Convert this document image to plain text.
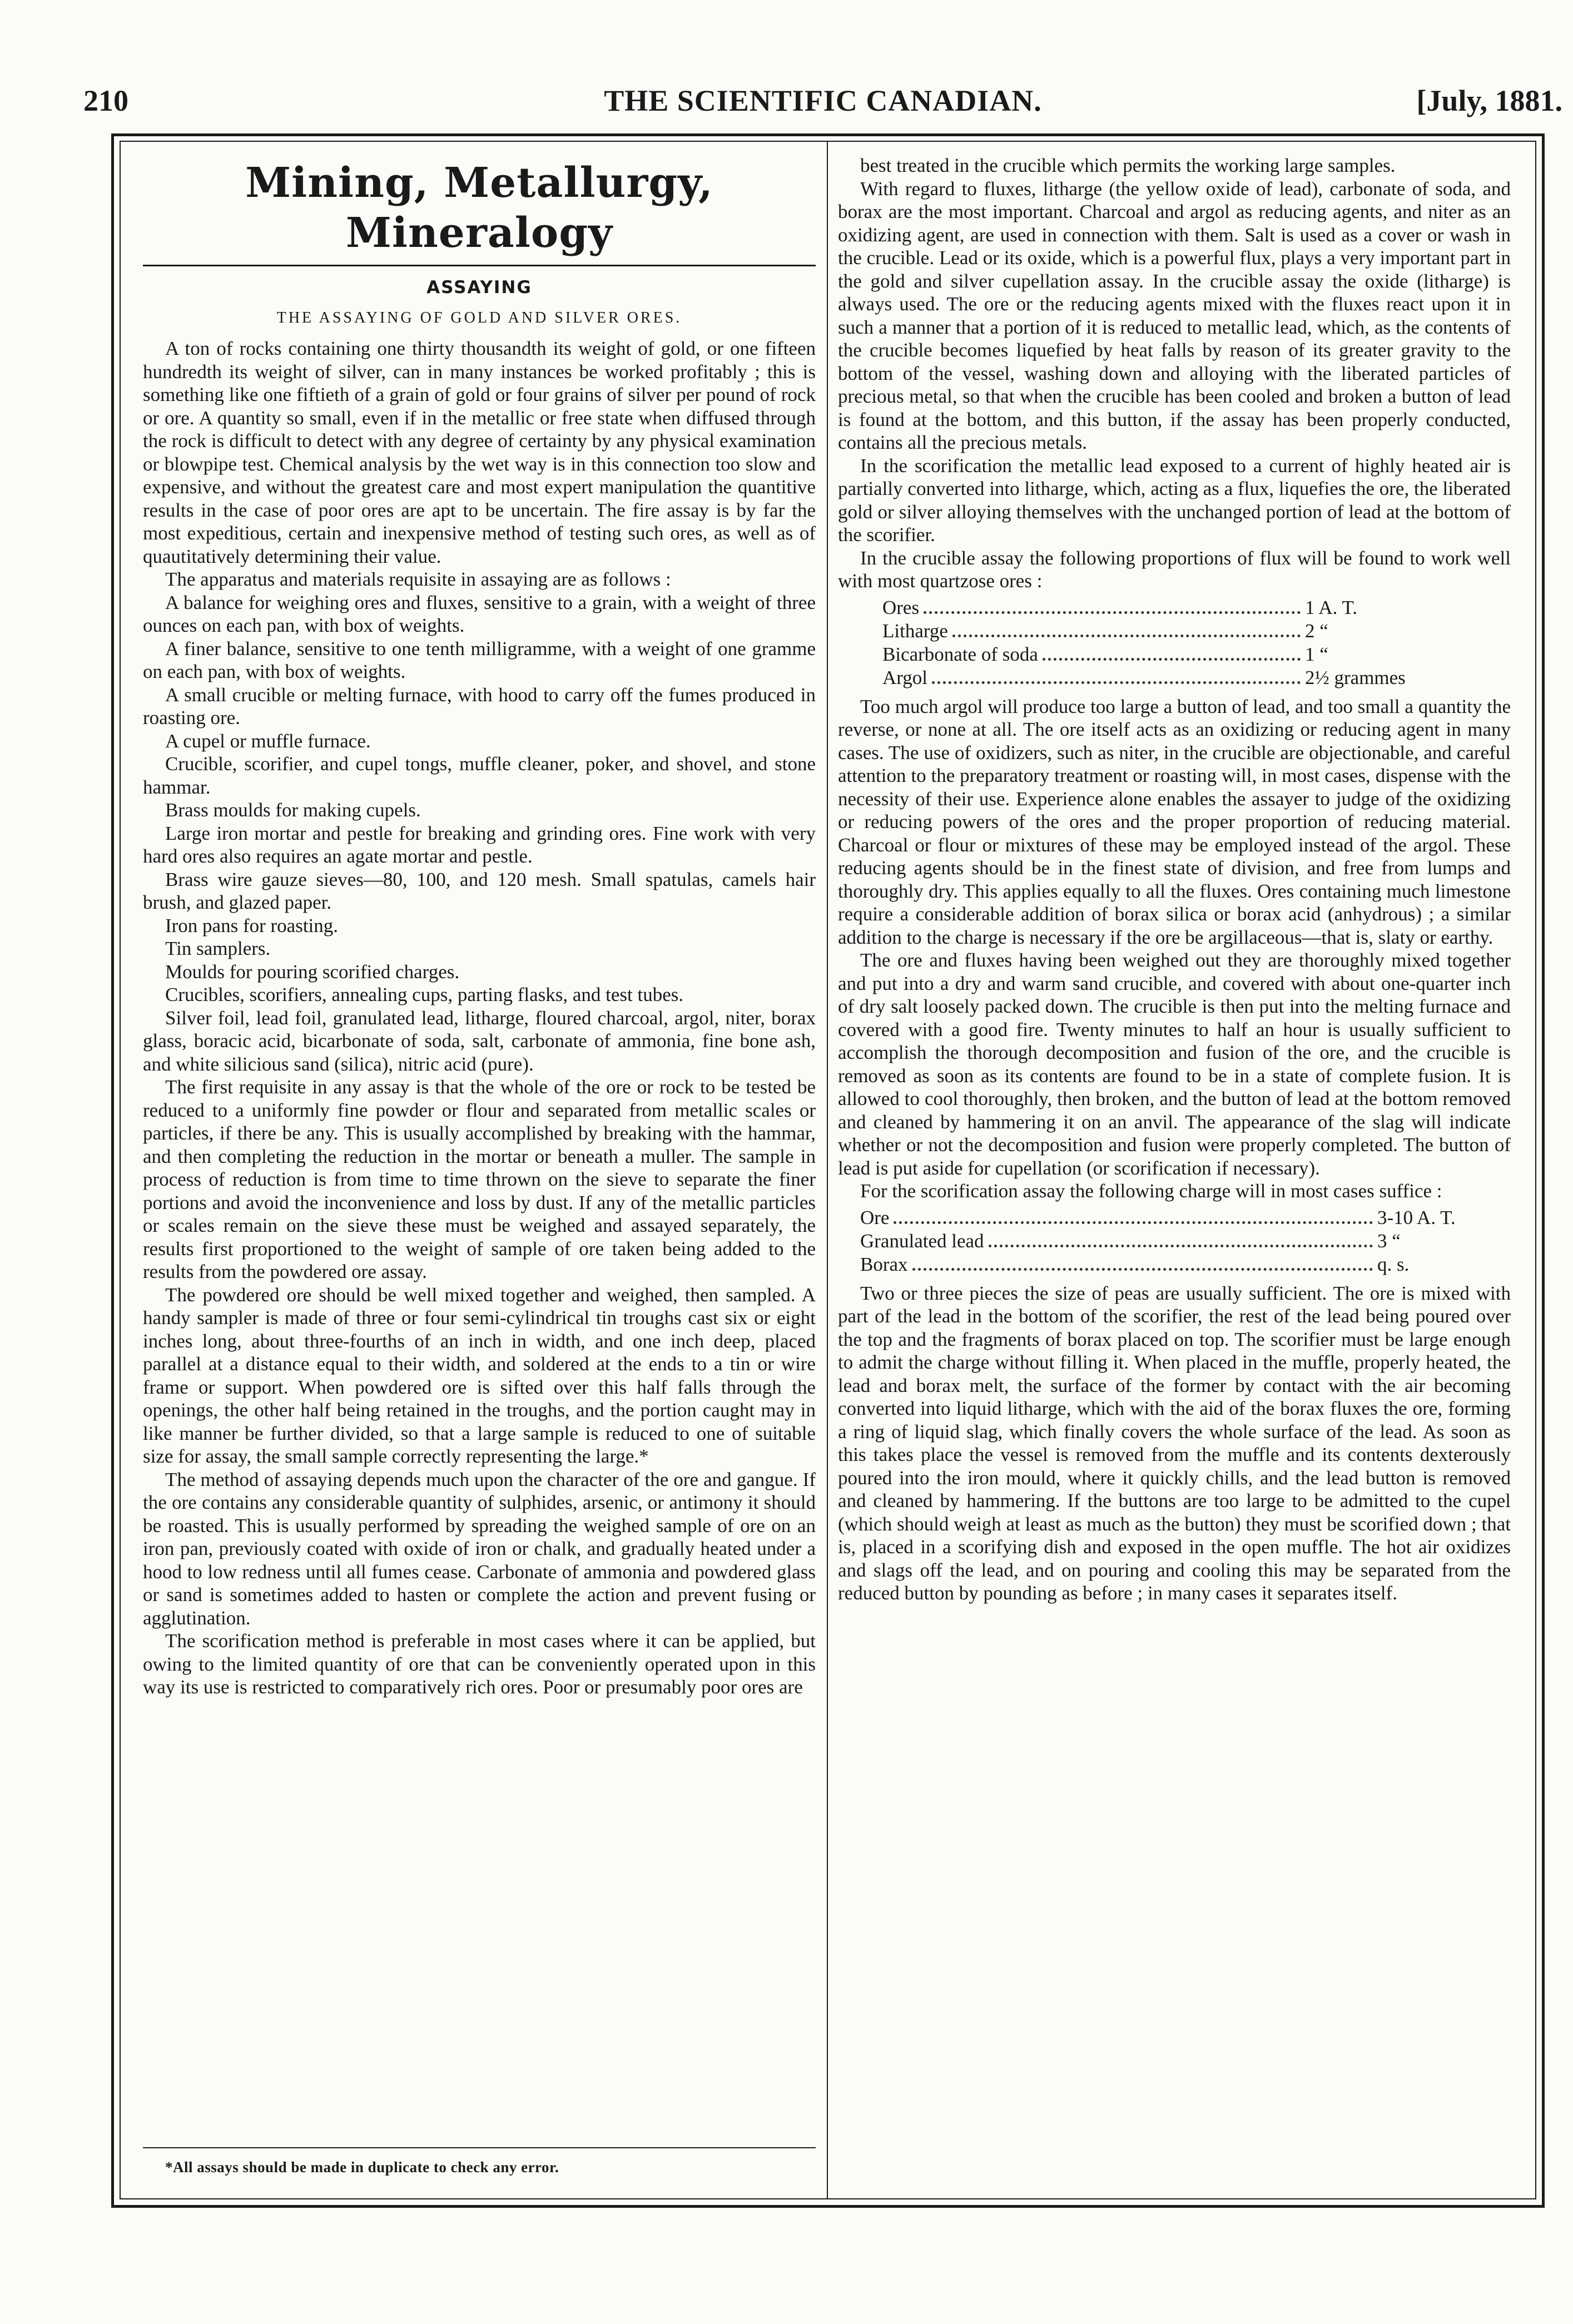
210	THE SCIENTIFIC CANADIAN.	[July, 1881.
Mining, Metallurgy, Mineralogy
ASSAYING
THE ASSAYING OF GOLD AND SILVER ORES.

A ton of rocks containing one thirty thousandth its weight of gold, or one fifteen hundredth its weight of silver, can in many instances be worked profitably ; this is something like one fiftieth of a grain of gold or four grains of silver per pound of rock or ore. A quantity so small, even if in the metallic or free state when diffused through the rock is difficult to detect with any degree of certainty by any physical examination or blowpipe test. Chemical analysis by the wet way is in this connection too slow and expensive, and without the greatest care and most expert manipulation the quantitive results in the case of poor ores are apt to be uncertain. The fire assay is by far the most expeditious, certain and inexpensive method of testing such ores, as well as of quautitatively determining their value.

The apparatus and materials requisite in assaying are as follows :

A balance for weighing ores and fluxes, sensitive to a grain, with a weight of three ounces on each pan, with box of weights.

A finer balance, sensitive to one tenth milligramme, with a weight of one gramme on each pan, with box of weights.

A small crucible or melting furnace, with hood to carry off the fumes produced in roasting ore.

A cupel or muffle furnace.

Crucible, scorifier, and cupel tongs, muffle cleaner, poker, and shovel, and stone hammar.

Brass moulds for making cupels.

Large iron mortar and pestle for breaking and grinding ores. Fine work with very hard ores also requires an agate mortar and pestle.

Brass wire gauze sieves—80, 100, and 120 mesh. Small spatulas, camels hair brush, and glazed paper.

Iron pans for roasting.

Tin samplers.

Moulds for pouring scorified charges.

Crucibles, scorifiers, annealing cups, parting flasks, and test tubes.

Silver foil, lead foil, granulated lead, litharge, floured charcoal, argol, niter, borax glass, boracic acid, bicarbonate of soda, salt, carbonate of ammonia, fine bone ash, and white silicious sand (silica), nitric acid (pure).

The first requisite in any assay is that the whole of the ore or rock to be tested be reduced to a uniformly fine powder or flour and separated from metallic scales or particles, if there be any. This is usually accomplished by breaking with the hammar, and then completing the reduction in the mortar or beneath a muller. The sample in process of reduction is from time to time thrown on the sieve to separate the finer portions and avoid the inconvenience and loss by dust. If any of the metallic particles or scales remain on the sieve these must be weighed and assayed separately, the results first proportioned to the weight of sample of ore taken being added to the results from the powdered ore assay.

The powdered ore should be well mixed together and weighed, then sampled. A handy sampler is made of three or four semi-cylindrical tin troughs cast six or eight inches long, about three-fourths of an inch in width, and one inch deep, placed parallel at a distance equal to their width, and soldered at the ends to a tin or wire frame or support. When powdered ore is sifted over this half falls through the openings, the other half being retained in the troughs, and the portion caught may in like manner be further divided, so that a large sample is reduced to one of suitable size for assay, the small sample correctly representing the large.*

The method of assaying depends much upon the character of the ore and gangue. If the ore contains any considerable quantity of sulphides, arsenic, or antimony it should be roasted. This is usually performed by spreading the weighed sample of ore on an iron pan, previously coated with oxide of iron or chalk, and gradually heated under a hood to low redness until all fumes cease. Carbonate of ammonia and powdered glass or sand is sometimes added to hasten or complete the action and prevent fusing or agglutination.

The scorification method is preferable in most cases where it can be applied, but owing to the limited quantity of ore that can be conveniently operated upon in this way its use is restricted to comparatively rich ores. Poor or presumably poor ores are

best treated in the crucible which permits the working large samples.

With regard to fluxes, litharge (the yellow oxide of lead), carbonate of soda, and borax are the most important. Charcoal and argol as reducing agents, and niter as an oxidizing agent, are used in connection with them. Salt is used as a cover or wash in the crucible. Lead or its oxide, which is a powerful flux, plays a very important part in the gold and silver cupellation assay. In the crucible assay the oxide (litharge) is always used. The ore or the reducing agents mixed with the fluxes react upon it in such a manner that a portion of it is reduced to metallic lead, which, as the contents of the crucible becomes liquefied by heat falls by reason of its greater gravity to the bottom of the vessel, washing down and alloying with the liberated particles of precious metal, so that when the crucible has been cooled and broken a button of lead is found at the bottom, and this button, if the assay has been properly conducted, contains all the precious metals.

In the scorification the metallic lead exposed to a current of highly heated air is partially converted into litharge, which, acting as a flux, liquefies the ore, the liberated gold or silver alloying themselves with the unchanged portion of lead at the bottom of the scorifier.

In the crucible assay the following proportions of flux will be found to work well with most quartzose ores :

Ores	1 A. T.
Litharge	2 “
Bicarbonate of soda	1 “
Argol	2½ grammes

Too much argol will produce too large a button of lead, and too small a quantity the reverse, or none at all. The ore itself acts as an oxidizing or reducing agent in many cases. The use of oxidizers, such as niter, in the crucible are objectionable, and careful attention to the preparatory treatment or roasting will, in most cases, dispense with the necessity of their use. Experience alone enables the assayer to judge of the oxidizing or reducing powers of the ores and the proper proportion of reducing material. Charcoal or flour or mixtures of these may be employed instead of the argol. These reducing agents should be in the finest state of division, and free from lumps and thoroughly dry. This applies equally to all the fluxes. Ores containing much limestone require a considerable addition of borax silica or borax acid (anhydrous) ; a similar addition to the charge is necessary if the ore be argillaceous—that is, slaty or earthy.

The ore and fluxes having been weighed out they are thoroughly mixed together and put into a dry and warm sand crucible, and covered with about one-quarter inch of dry salt loosely packed down. The crucible is then put into the melting furnace and covered with a good fire. Twenty minutes to half an hour is usually sufficient to accomplish the thorough decomposition and fusion of the ore, and the crucible is removed as soon as its contents are found to be in a state of complete fusion. It is allowed to cool thoroughly, then broken, and the button of lead at the bottom removed and cleaned by hammering it on an anvil. The appearance of the slag will indicate whether or not the decomposition and fusion were properly completed. The button of lead is put aside for cupellation (or scorification if necessary).

For the scorification assay the following charge will in most cases suffice :

Ore	3-10 A. T.
Granulated lead	3 “
Borax	q. s.

Two or three pieces the size of peas are usually sufficient. The ore is mixed with part of the lead in the bottom of the scorifier, the rest of the lead being poured over the top and the fragments of borax placed on top. The scorifier must be large enough to admit the charge without filling it. When placed in the muffle, properly heated, the lead and borax melt, the surface of the former by contact with the air becoming converted into liquid litharge, which with the aid of the borax fluxes the ore, forming a ring of liquid slag, which finally covers the whole surface of the lead. As soon as this takes place the vessel is removed from the muffle and its contents dexterously poured into the iron mould, where it quickly chills, and the lead button is removed and cleaned by hammering. If the buttons are too large to be admitted to the cupel (which should weigh at least as much as the button) they must be scorified down ; that is, placed in a scorifying dish and exposed in the open muffle. The hot air oxidizes and slags off the lead, and on pouring and cooling this may be separated from the reduced button by pounding as before ; in many cases it separates itself.

*All assays should be made in duplicate to check any error.
